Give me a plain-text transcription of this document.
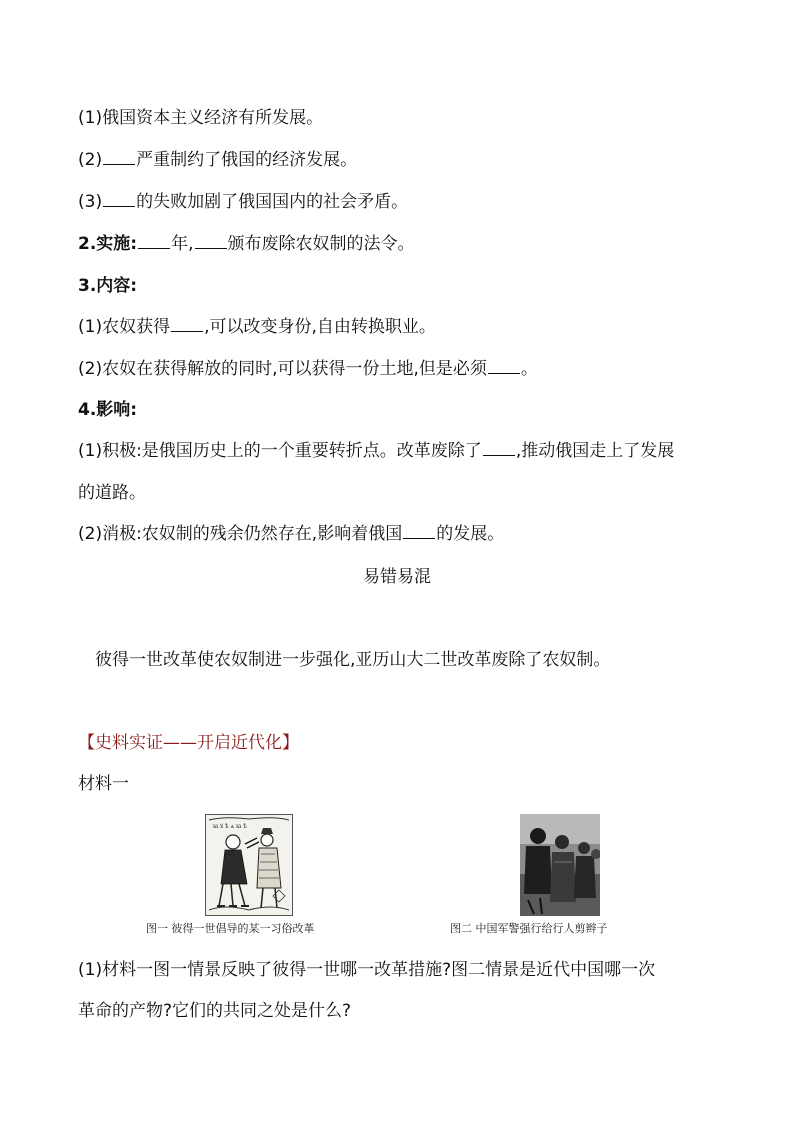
(1)俄国资本主义经济有所发展。
(2) 严重制约了俄国的经济发展。
(3) 的失败加剧了俄国国内的社会矛盾。
2.实施: 年, 颁布废除农奴制的法令。
3.内容:
(1)农奴获得 ,可以改变身份,自由转换职业。
(2)农奴在获得解放的同时,可以获得一份土地,但是必须 。
4.影响:
(1)积极:是俄国历史上的一个重要转折点。改革废除了 ,推动俄国走上了发展
的道路。
(2)消极:农奴制的残余仍然存在,影响着俄国 的发展。
易错易混
彼得一世改革使农奴制进一步强化,亚历山大二世改革废除了农奴制。
【史料实证——开启近代化】
材料一
ꙗ ꙋ ѣ ѧ ꙗ ѣ
图一 彼得一世倡导的某一习俗改革	图二 中国军警强行给行人剪辫子
(1)材料一图一情景反映了彼得一世哪一改革措施?图二情景是近代中国哪一次
革命的产物?它们的共同之处是什么?
